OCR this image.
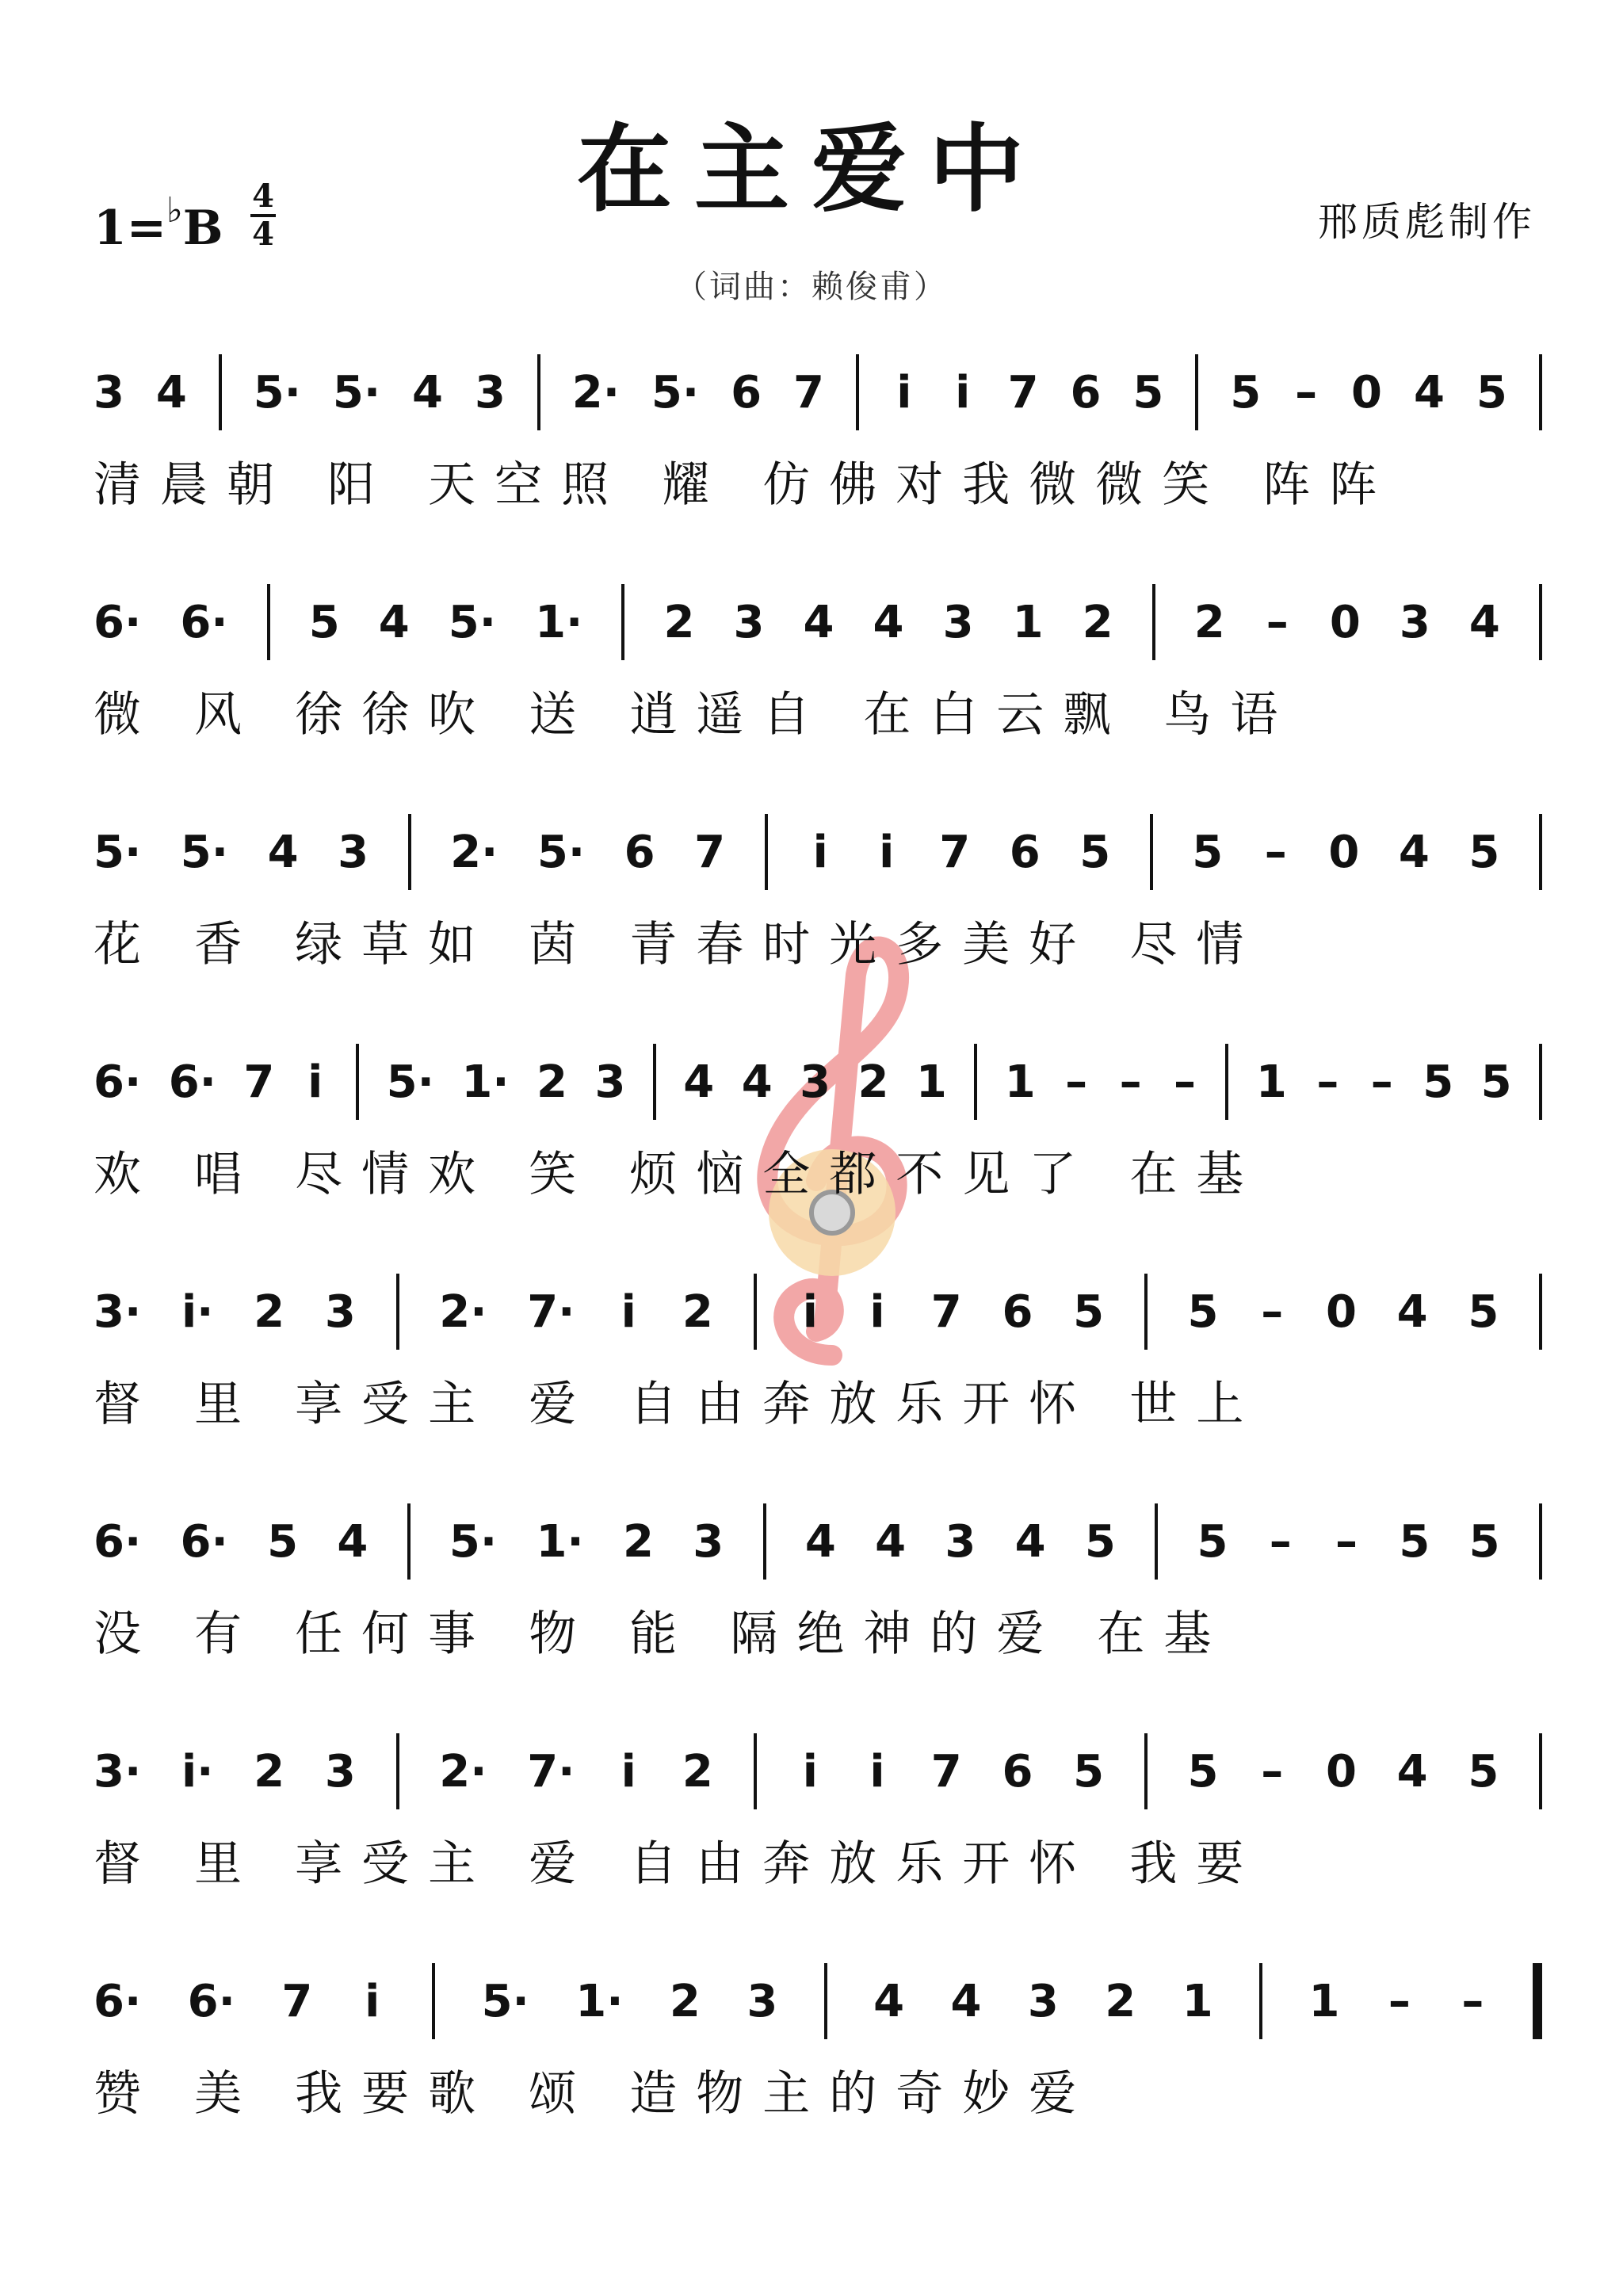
在主爱中
1=♭B
4
4
（词曲：赖俊甫）
邢质彪制作
3 4 5· 5· 4 3 2· 5· 6 7 i i 7 6 5 5 – 0 4 5
清晨朝 阳 天空照 耀 仿佛对我微微笑 阵阵
6· 6· 5 4 5· 1· 2 3 4 4 3 1 2 2 – 0 3 4
微 风 徐徐吹 送 逍遥自 在白云飘 鸟语
5· 5· 4 3 2· 5· 6 7 i i 7 6 5 5 – 0 4 5
花 香 绿草如 茵 青春时光多美好 尽情
6· 6· 7 i 5· 1· 2 3 4 4 3 2 1 1 – – – 1 – – 5 5
欢 唱 尽情欢 笑 烦恼全都不见了 在基
3· i· 2 3 2· 7· i 2 i i 7 6 5 5 – 0 4 5
督 里 享受主 爱 自由奔放乐开怀 世上
6· 6· 5 4 5· 1· 2 3 4 4 3 4 5 5 – – 5 5
没 有 任何事 物 能 隔绝神的爱 在基
3· i· 2 3 2· 7· i 2 i i 7 6 5 5 – 0 4 5
督 里 享受主 爱 自由奔放乐开怀 我要
6· 6· 7 i 5· 1· 2 3 4 4 3 2 1 1 – –
赞 美 我要歌 颂 造物主的奇妙爱
